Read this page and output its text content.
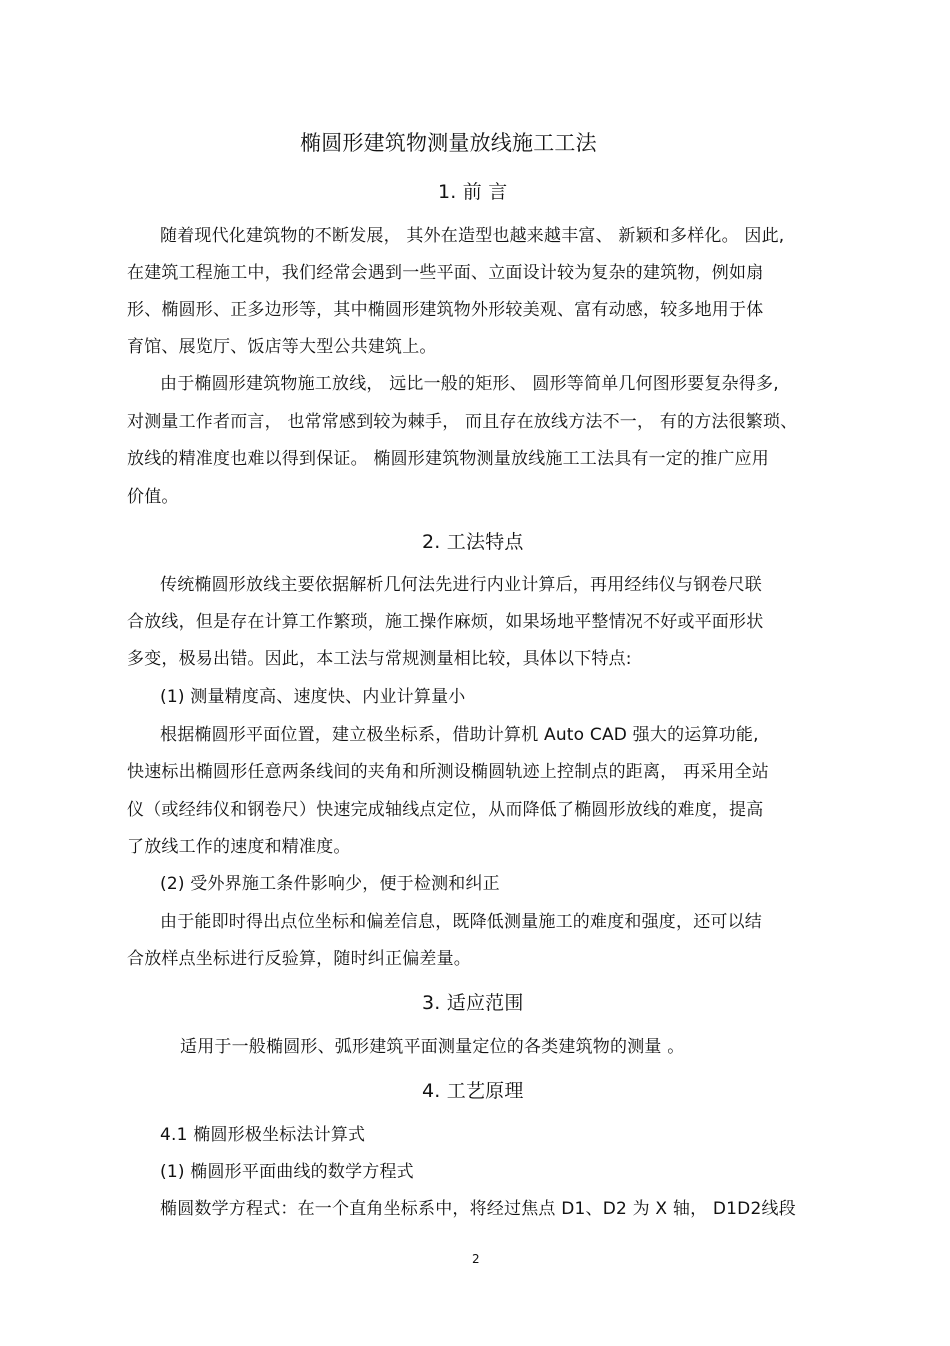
椭圆形建筑物测量放线施工工法
1. 前 言
随着现代化建筑物的不断发展， 其外在造型也越来越丰富、 新颖和多样化。 因此,
在建筑工程施工中，我们经常会遇到一些平面、立面设计较为复杂的建筑物，例如扇
形、椭圆形、正多边形等，其中椭圆形建筑物外形较美观、富有动感，较多地用于体
育馆、展览厅、饭店等大型公共建筑上。
由于椭圆形建筑物施工放线， 远比一般的矩形、 圆形等简单几何图形要复杂得多,
对测量工作者而言， 也常常感到较为棘手， 而且存在放线方法不一， 有的方法很繁琐、
放线的精准度也难以得到保证。 椭圆形建筑物测量放线施工工法具有一定的推广应用
价值。
2. 工法特点
传统椭圆形放线主要依据解析几何法先进行内业计算后，再用经纬仪与钢卷尺联
合放线，但是存在计算工作繁琐，施工操作麻烦，如果场地平整情况不好或平面形状
多变，极易出错。因此，本工法与常规测量相比较，具体以下特点:
(1) 测量精度高、速度快、内业计算量小
根据椭圆形平面位置，建立极坐标系，借助计算机 Auto CAD 强大的运算功能,
快速标出椭圆形任意两条线间的夹角和所测设椭圆轨迹上控制点的距离， 再采用全站
仪（或经纬仪和钢卷尺）快速完成轴线点定位，从而降低了椭圆形放线的难度，提高
了放线工作的速度和精准度。
(2) 受外界施工条件影响少，便于检测和纠正
由于能即时得出点位坐标和偏差信息，既降低测量施工的难度和强度，还可以结
合放样点坐标进行反验算，随时纠正偏差量。
3. 适应范围
适用于一般椭圆形、弧形建筑平面测量定位的各类建筑物的测量 。
4. 工艺原理
4.1 椭圆形极坐标法计算式
(1) 椭圆形平面曲线的数学方程式
椭圆数学方程式：在一个直角坐标系中，将经过焦点 D1、D2 为 X 轴， D1D2线段
2
